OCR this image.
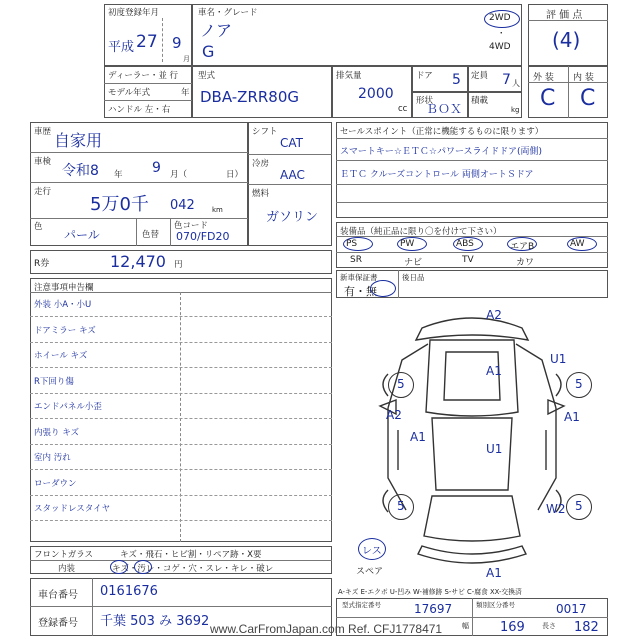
初度登録年月
平成 27 9
月
車名・グレード
ノア
G
2WD
・
4WD
評 価 点
(4)
ディーラー・並 行
モデル年式	年
ハンドル 左・右
型式
DBA-ZRR80G
排気量
2000
cc
ドア 5 定員 7 人
形状
ＢＯＸ
積載
kg
外 装 内 装
C C
車歴 自家用
車検
令和8 年 9 月（	日）
走行
5万0千 042 km
色
パール	色替
色コード
070/FD20
シフト
CAT
冷房
AAC
燃料
ガソリン
R券	12,470 円
セールスポイント（正常に機能するものに限ります）
スマートキー☆ＥＴＣ☆パワースライドドア(両側)
ＥＴＣ クルーズコントロール 両側オートＳドア
装備品（純正品に限り〇を付けて下さい）
PS	PW	ABS	エアB	AW
SR	ナビ	TV	カワ
新車保証書
有・無
後日品
注意事項申告欄
外装 小A・小U
ドアミラー キズ
ホイール キズ
R下回り傷
エンドパネル小歪
内張り キズ
室内 汚れ
ローダウン
スタッドレスタイヤ
フロントガラス	キズ・飛石・ヒビ割・リペア跡・X要
内装	キズ・汚レ・コゲ・穴・スレ・キレ・破レ
車台番号 0161676
登録番号 千葉 503 み 3692
A2
A1
U1
A2
A1
A1
U1
W2
A1
5	5
5	5
レス
スペア
A-キズ E-エクボ U-凹み W-補修跡 S-サビ C-腐食 XX-交換済
型式指定番号	17697	類別区分番号	0017
幅 169 長さ 182
www.CarFromJapan.com Ref. CFJ1778471
